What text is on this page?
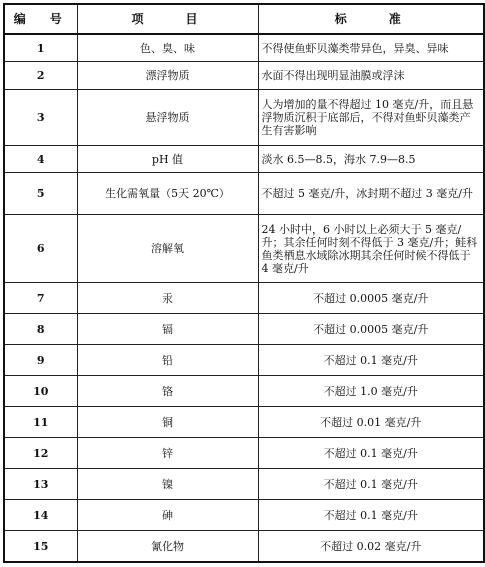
编　号	项　　目	标　　准
1	色、臭、味	不得使鱼虾贝藻类带异色，异臭、异味
2	漂浮物质	水面不得出现明显油膜或浮沫
3	悬浮物质	人为增加的量不得超过 10 毫克/升，而且悬浮物质沉积于底部后，不得对鱼虾贝藻类产生有害影响
4	pH 值	淡水 6.5—8.5，海水 7.9—8.5
5	生化需氧量（5天 20℃）	不超过 5 毫克/升，冰封期不超过 3 毫克/升
6	溶解氧	24 小时中，6 小时以上必须大于 5 毫克/升；其余任何时刻不得低于 3 毫克/升；鲑科鱼类栖息水域除冰期其余任何时候不得低于 4 毫克/升
7	汞	不超过 0.0005 毫克/升
8	镉	不超过 0.0005 毫克/升
9	铅	不超过 0.1 毫克/升
10	铬	不超过 1.0 毫克/升
11	铜	不超过 0.01 毫克/升
12	锌	不超过 0.1 毫克/升
13	镍	不超过 0.1 毫克/升
14	砷	不超过 0.1 毫克/升
15	氰化物	不超过 0.02 毫克/升
